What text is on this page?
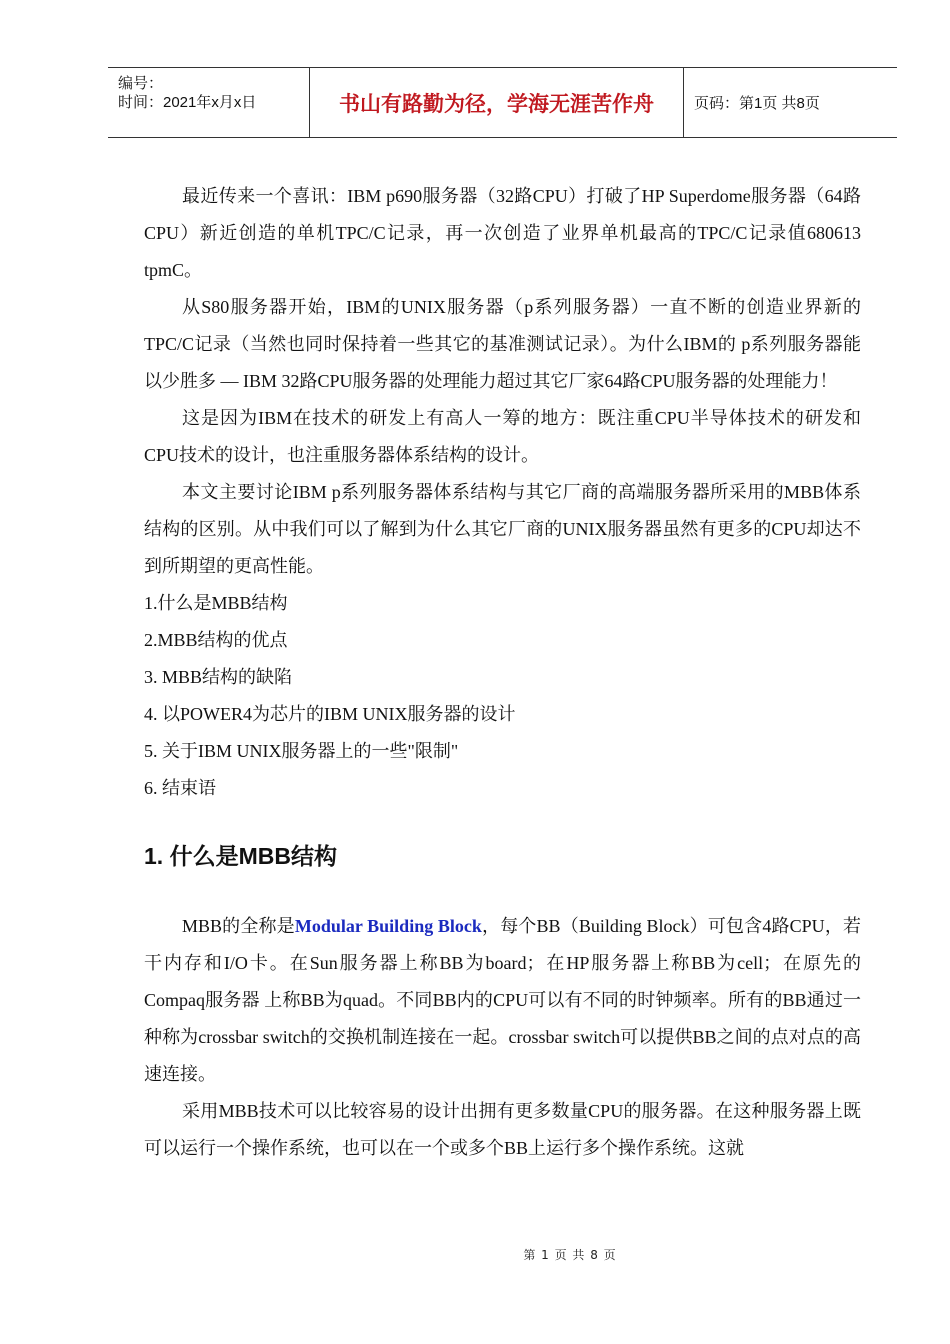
编号：
时间：2021年x月x日	书山有路勤为径，学海无涯苦作舟	页码：第1页 共8页

最近传来一个喜讯：IBM p690服务器（32路CPU）打破了HP Superdome服务器（64路CPU）新近创造的单机TPC/C记录，再一次创造了业界单机最高的TPC/C记录值680613 tpmC。

从S80服务器开始，IBM的UNIX服务器（p系列服务器）一直不断的创造业界新的TPC/C记录（当然也同时保持着一些其它的基准测试记录）。为什么IBM的 p系列服务器能以少胜多 — IBM 32路CPU服务器的处理能力超过其它厂家64路CPU服务器的处理能力！

这是因为IBM在技术的研发上有高人一筹的地方：既注重CPU半导体技术的研发和CPU技术的设计，也注重服务器体系结构的设计。

本文主要讨论IBM p系列服务器体系结构与其它厂商的高端服务器所采用的MBB体系结构的区别。从中我们可以了解到为什么其它厂商的UNIX服务器虽然有更多的CPU却达不到所期望的更高性能。

1.什么是MBB结构

2.MBB结构的优点

3. MBB结构的缺陷

4. 以POWER4为芯片的IBM UNIX服务器的设计

5. 关于IBM UNIX服务器上的一些"限制"

6. 结束语

1. 什么是MBB结构

MBB的全称是Modular Building Block，每个BB（Building Block）可包含4路CPU，若干内存和I/O卡。在Sun服务器上称BB为board；在HP服务器上称BB为cell；在原先的Compaq服务器 上称BB为quad。不同BB内的CPU可以有不同的时钟频率。所有的BB通过一种称为crossbar switch的交换机制连接在一起。crossbar switch可以提供BB之间的点对点的高速连接。

采用MBB技术可以比较容易的设计出拥有更多数量CPU的服务器。在这种服务器上既可以运行一个操作系统，也可以在一个或多个BB上运行多个操作系统。这就

第 1 页 共 8 页
